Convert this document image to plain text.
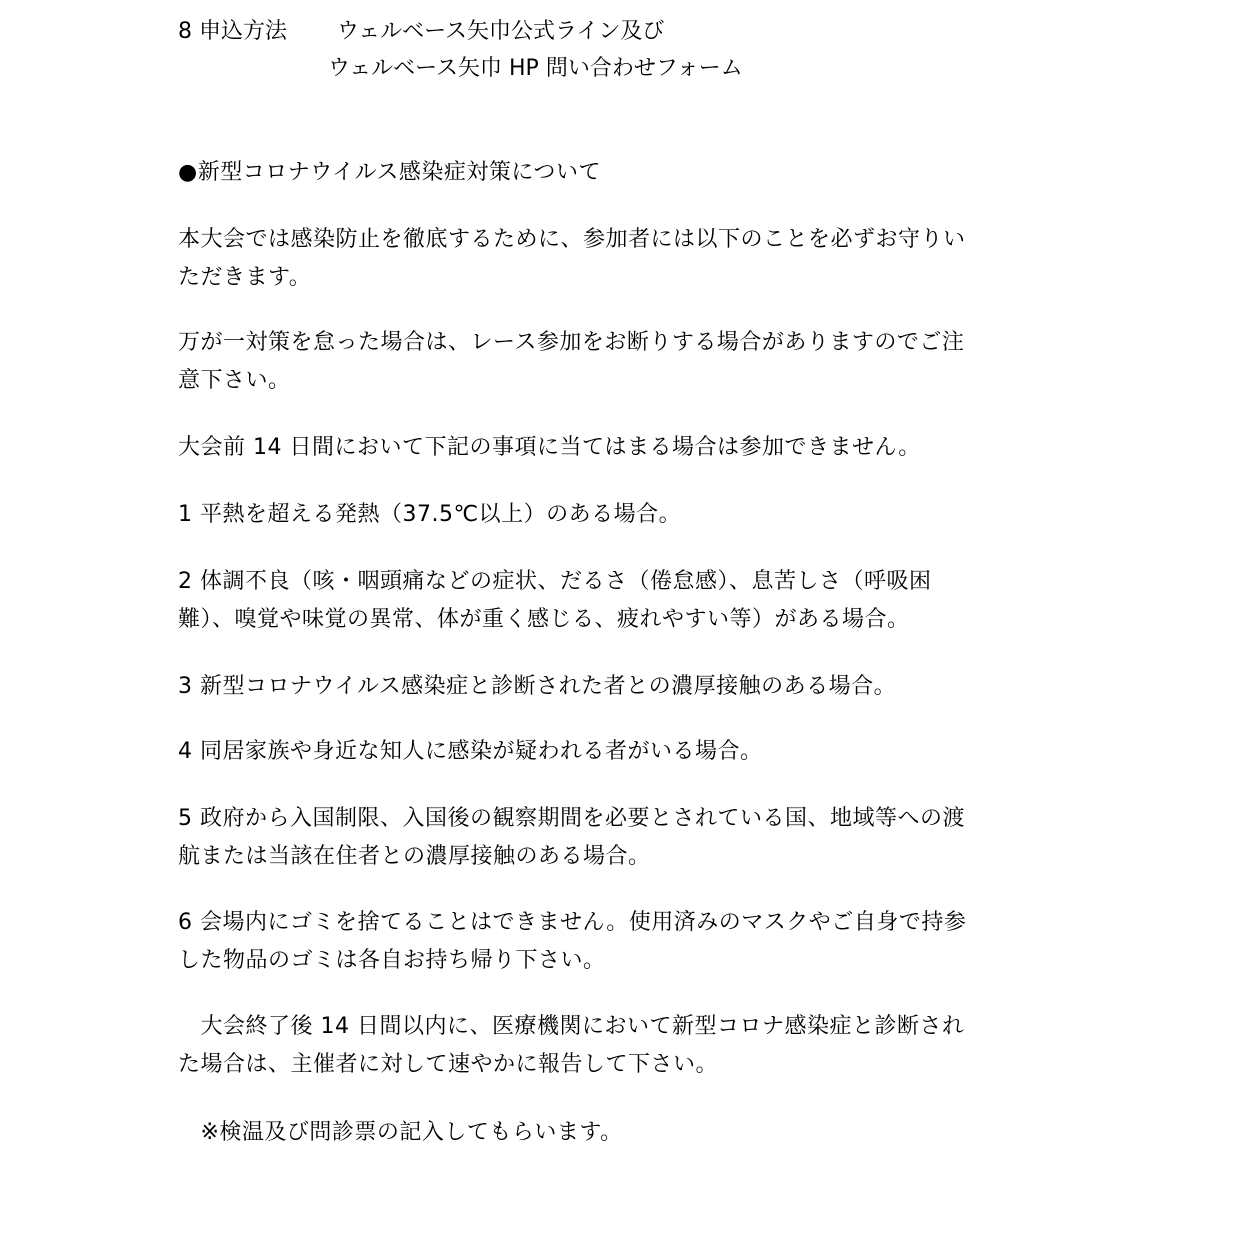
8 申込方法 ウェルベース矢巾公式ライン及び
ウェルベース矢巾 HP 問い合わせフォーム
●新型コロナウイルス感染症対策について
本大会では感染防止を徹底するために、参加者には以下のことを必ずお守りい
ただきます。
万が一対策を怠った場合は、レース参加をお断りする場合がありますのでご注
意下さい。
大会前 14 日間において下記の事項に当てはまる場合は参加できません。
1 平熱を超える発熱（37.5℃以上）のある場合。
2 体調不良（咳・咽頭痛などの症状、だるさ（倦怠感）、息苦しさ（呼吸困
難）、嗅覚や味覚の異常、体が重く感じる、疲れやすい等）がある場合。
3 新型コロナウイルス感染症と診断された者との濃厚接触のある場合。
4 同居家族や身近な知人に感染が疑われる者がいる場合。
5 政府から入国制限、入国後の観察期間を必要とされている国、地域等への渡
航または当該在住者との濃厚接触のある場合。
6 会場内にゴミを捨てることはできません。使用済みのマスクやご自身で持参
した物品のゴミは各自お持ち帰り下さい。
　大会終了後 14 日間以内に、医療機関において新型コロナ感染症と診断され
た場合は、主催者に対して速やかに報告して下さい。
　※検温及び問診票の記入してもらいます。
